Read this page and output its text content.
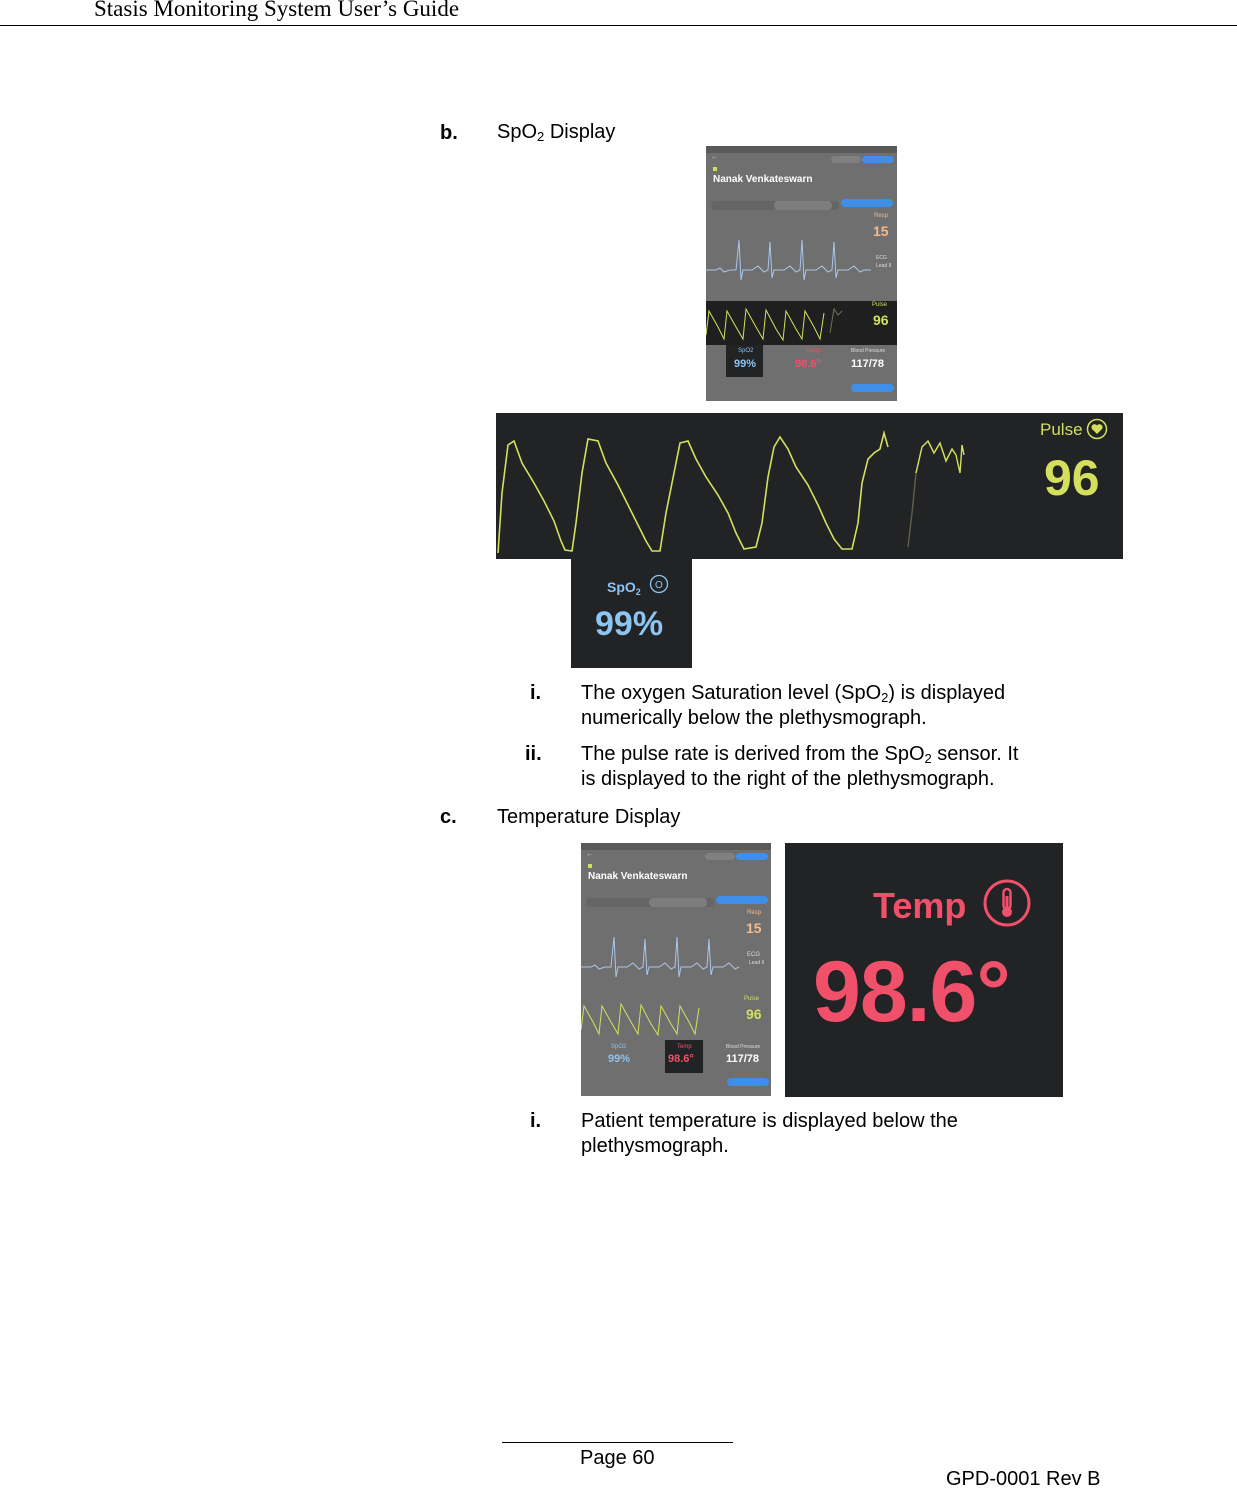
Stasis Monitoring System User’s Guide
b. SpO$_2$ Display
←
Nanak Venkateswarn
Resp
15
ECG
Lead II
Pulse
96
SpO2
99%
Temp
98.6°
Blood Pressure
117/78
Pulse
96
SpO$_2$
O
99%
i. The oxygen Saturation level (SpO$_2$) is displayed
numerically below the plethysmograph.
ii. The pulse rate is derived from the SpO$_2$ sensor. It
is displayed to the right of the plethysmograph.
c. Temperature Display
←
Nanak Venkateswarn
Resp
15
ECG
Lead II
Pulse
96
SpO2
99%
Temp
98.6°
Blood Pressure
117/78
Temp
98.6°
i. Patient temperature is displayed below the
plethysmograph.
Page 60
GPD-0001 Rev B
